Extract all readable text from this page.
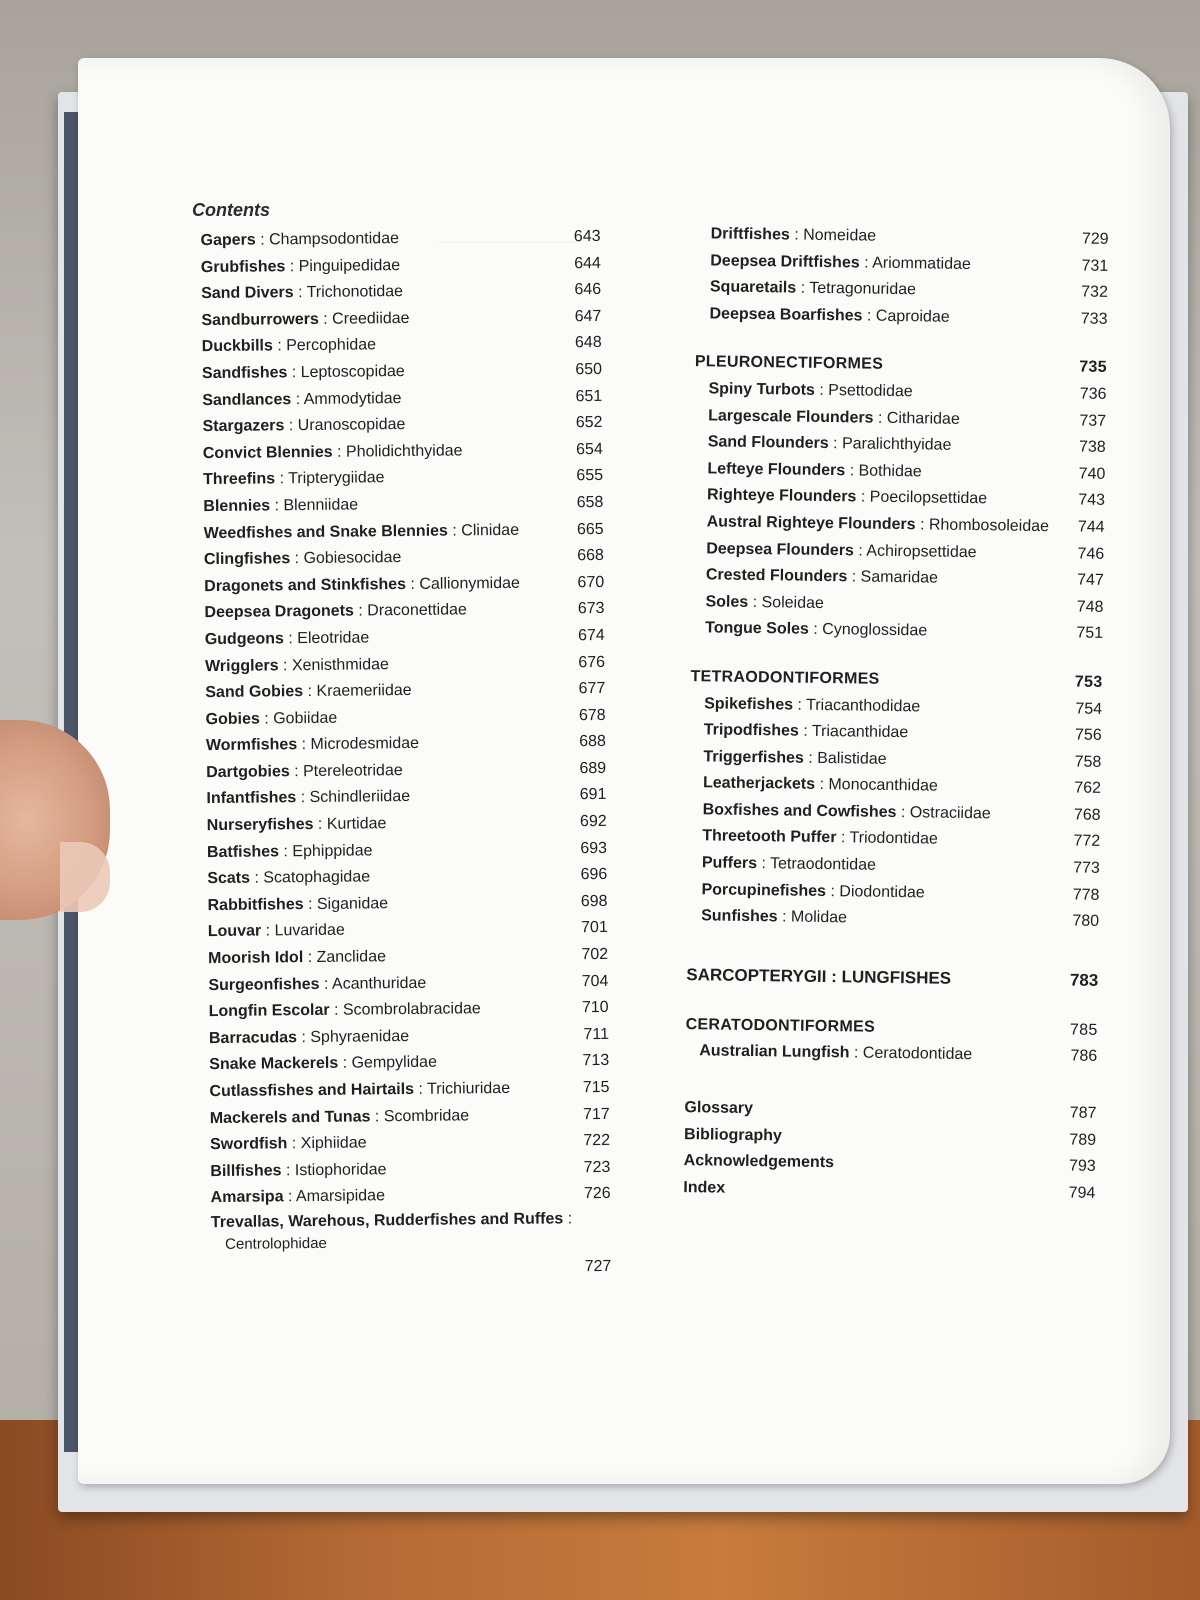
──────────────
Contents
Gapers : Champsodontidae	643
Grubfishes : Pinguipedidae	644
Sand Divers : Trichonotidae	646
Sandburrowers : Creediidae	647
Duckbills : Percophidae	648
Sandfishes : Leptoscopidae	650
Sandlances : Ammodytidae	651
Stargazers : Uranoscopidae	652
Convict Blennies : Pholidichthyidae	654
Threefins : Tripterygiidae	655
Blennies : Blenniidae	658
Weedfishes and Snake Blennies : Clinidae	665
Clingfishes : Gobiesocidae	668
Dragonets and Stinkfishes : Callionymidae	670
Deepsea Dragonets : Draconettidae	673
Gudgeons : Eleotridae	674
Wrigglers : Xenisthmidae	676
Sand Gobies : Kraemeriidae	677
Gobies : Gobiidae	678
Wormfishes : Microdesmidae	688
Dartgobies : Ptereleotridae	689
Infantfishes : Schindleriidae	691
Nurseryfishes : Kurtidae	692
Batfishes : Ephippidae	693
Scats : Scatophagidae	696
Rabbitfishes : Siganidae	698
Louvar : Luvaridae	701
Moorish Idol : Zanclidae	702
Surgeonfishes : Acanthuridae	704
Longfin Escolar : Scombrolabracidae	710
Barracudas : Sphyraenidae	711
Snake Mackerels : Gempylidae	713
Cutlassfishes and Hairtails : Trichiuridae	715
Mackerels and Tunas : Scombridae	717
Swordfish : Xiphiidae	722
Billfishes : Istiophoridae	723
Amarsipa : Amarsipidae	726
Trevallas, Warehous, Rudderfishes and Ruffes :
Centrolophidae
727
Driftfishes : Nomeidae	729
Deepsea Driftfishes : Ariommatidae	731
Squaretails : Tetragonuridae	732
Deepsea Boarfishes : Caproidae	733
PLEURONECTIFORMES	735
Spiny Turbots : Psettodidae	736
Largescale Flounders : Citharidae	737
Sand Flounders : Paralichthyidae	738
Lefteye Flounders : Bothidae	740
Righteye Flounders : Poecilopsettidae	743
Austral Righteye Flounders : Rhombosoleidae 744
Deepsea Flounders : Achiropsettidae	746
Crested Flounders : Samaridae	747
Soles : Soleidae	748
Tongue Soles : Cynoglossidae	751
TETRAODONTIFORMES	753
Spikefishes : Triacanthodidae	754
Tripodfishes : Triacanthidae	756
Triggerfishes : Balistidae	758
Leatherjackets : Monocanthidae	762
Boxfishes and Cowfishes : Ostraciidae	768
Threetooth Puffer : Triodontidae	772
Puffers : Tetraodontidae	773
Porcupinefishes : Diodontidae	778
Sunfishes : Molidae	780
SARCOPTERYGII : LUNGFISHES	783
CERATODONTIFORMES	785
Australian Lungfish : Ceratodontidae	786
Glossary	787
Bibliography	789
Acknowledgements	793
Index	794
